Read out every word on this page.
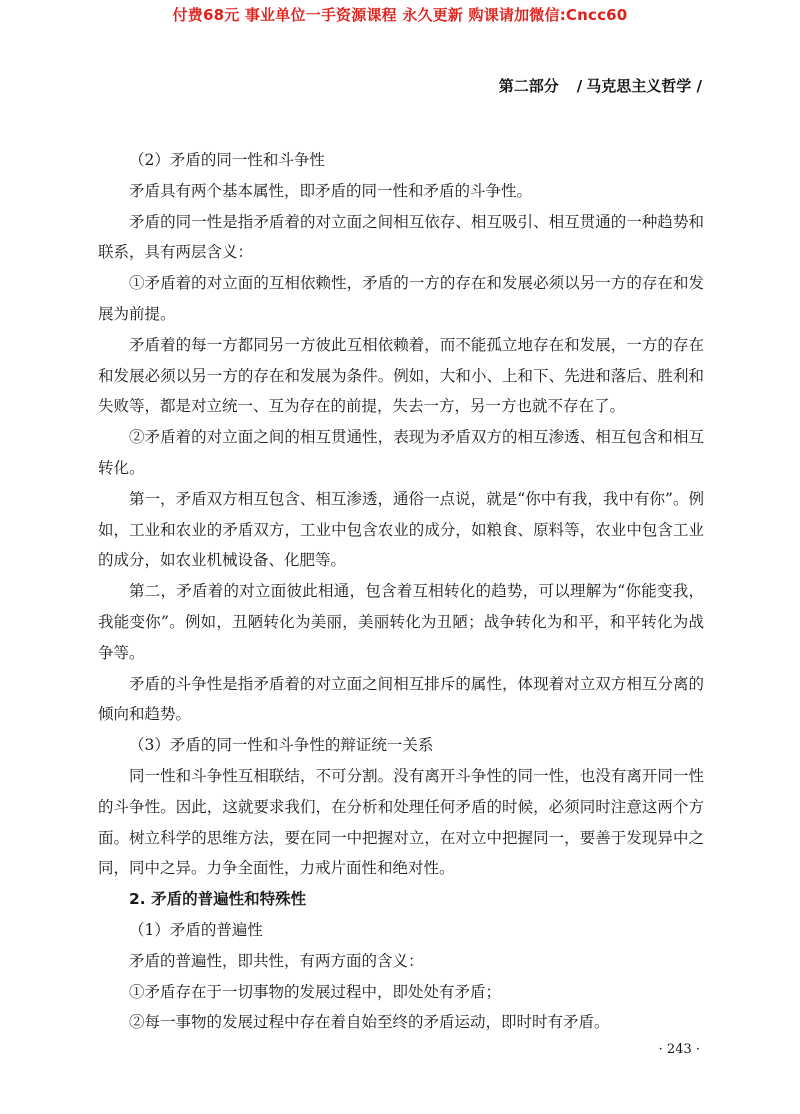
付费68元 事业单位一手资源课程 永久更新 购课请加微信:Cncc60
第二部分 / 马克思主义哲学 /

（2）矛盾的同一性和斗争性

矛盾具有两个基本属性，即矛盾的同一性和矛盾的斗争性。

矛盾的同一性是指矛盾着的对立面之间相互依存、相互吸引、相互贯通的一种趋势和联系，具有两层含义：

①矛盾着的对立面的互相依赖性，矛盾的一方的存在和发展必须以另一方的存在和发展为前提。

矛盾着的每一方都同另一方彼此互相依赖着，而不能孤立地存在和发展，一方的存在和发展必须以另一方的存在和发展为条件。例如，大和小、上和下、先进和落后、胜利和失败等，都是对立统一、互为存在的前提，失去一方，另一方也就不存在了。

②矛盾着的对立面之间的相互贯通性，表现为矛盾双方的相互渗透、相互包含和相互转化。

第一，矛盾双方相互包含、相互渗透，通俗一点说，就是“你中有我，我中有你”。例如，工业和农业的矛盾双方，工业中包含农业的成分，如粮食、原料等，农业中包含工业的成分，如农业机械设备、化肥等。

第二，矛盾着的对立面彼此相通，包含着互相转化的趋势，可以理解为“你能变我，我能变你”。例如，丑陋转化为美丽，美丽转化为丑陋；战争转化为和平，和平转化为战争等。

矛盾的斗争性是指矛盾着的对立面之间相互排斥的属性，体现着对立双方相互分离的倾向和趋势。

（3）矛盾的同一性和斗争性的辩证统一关系

同一性和斗争性互相联结，不可分割。没有离开斗争性的同一性，也没有离开同一性的斗争性。因此，这就要求我们，在分析和处理任何矛盾的时候，必须同时注意这两个方面。树立科学的思维方法，要在同一中把握对立，在对立中把握同一，要善于发现异中之同，同中之异。力争全面性，力戒片面性和绝对性。

2. 矛盾的普遍性和特殊性

（1）矛盾的普遍性

矛盾的普遍性，即共性，有两方面的含义：

①矛盾存在于一切事物的发展过程中，即处处有矛盾；

②每一事物的发展过程中存在着自始至终的矛盾运动，即时时有矛盾。

· 243 ·
